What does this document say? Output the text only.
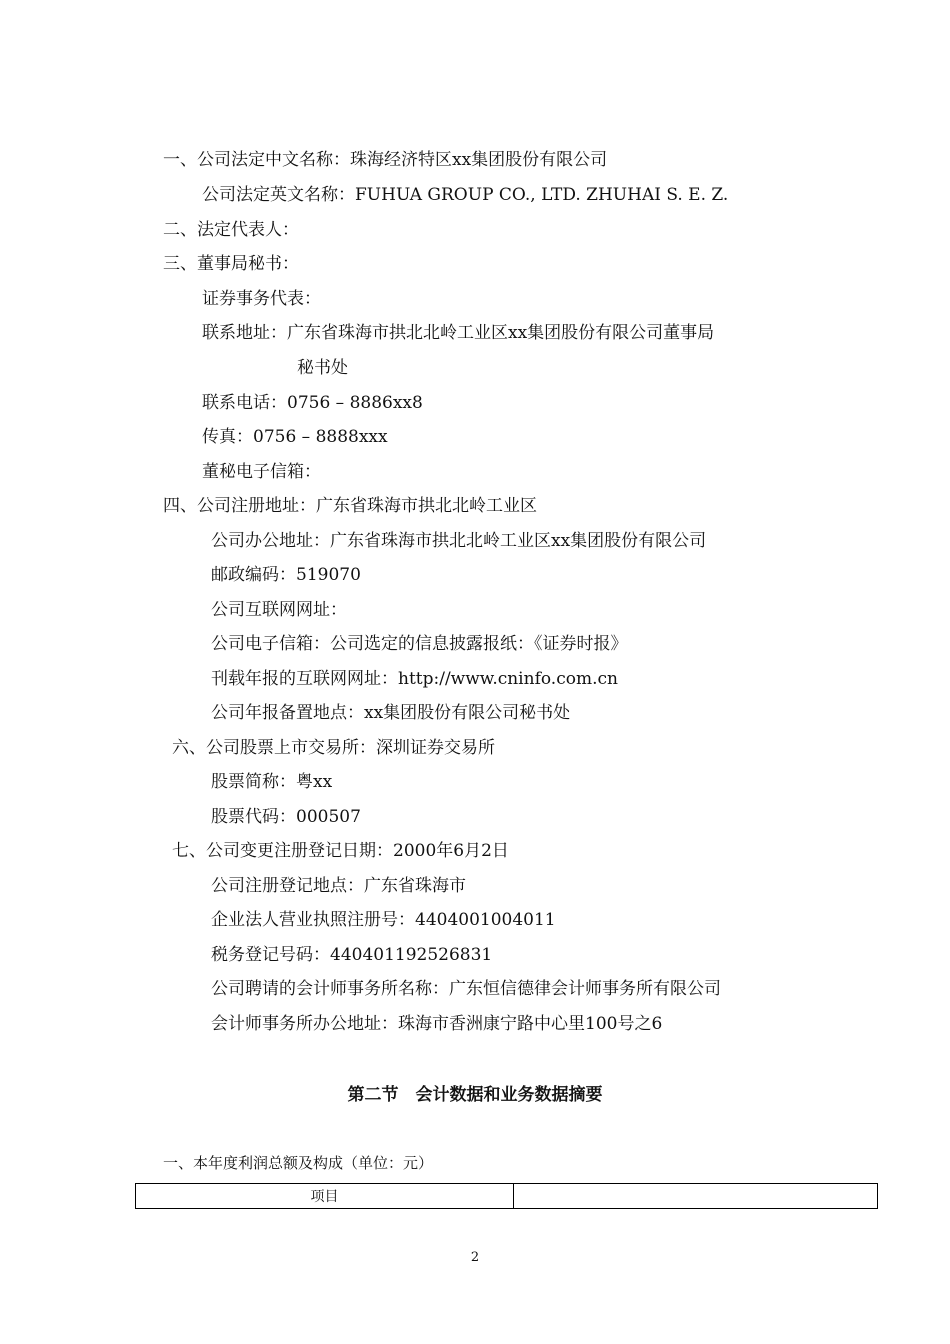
一、公司法定中文名称：珠海经济特区xx集团股份有限公司
公司法定英文名称：FUHUA GROUP CO., LTD. ZHUHAI S. E. Z.
二、法定代表人：
三、董事局秘书：
证券事务代表：
联系地址：广东省珠海市拱北北岭工业区xx集团股份有限公司董事局
秘书处
联系电话：0756 – 8886xx8
传真：0756 – 8888xxx
董秘电子信箱：
四、公司注册地址：广东省珠海市拱北北岭工业区
公司办公地址：广东省珠海市拱北北岭工业区xx集团股份有限公司
邮政编码：519070
公司互联网网址：
公司电子信箱：公司选定的信息披露报纸：《证券时报》
刊载年报的互联网网址：http://www.cninfo.com.cn
公司年报备置地点：xx集团股份有限公司秘书处
六、公司股票上市交易所：深圳证券交易所
股票简称：粤xx
股票代码：000507
七、公司变更注册登记日期：2000年6月2日
公司注册登记地点：广东省珠海市
企业法人营业执照注册号：4404001004011
税务登记号码：440401192526831
公司聘请的会计师事务所名称：广东恒信德律会计师事务所有限公司
会计师事务所办公地址：珠海市香洲康宁路中心里100号之6
第二节　会计数据和业务数据摘要
一、本年度利润总额及构成（单位：元）
项目	
2
